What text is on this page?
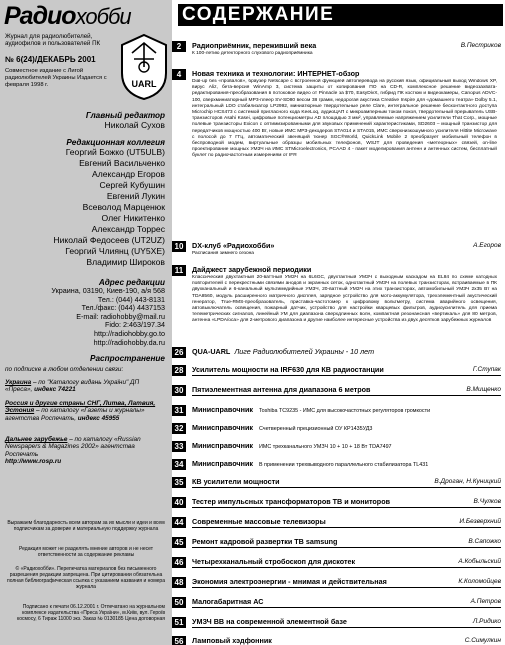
Радиохобби
Журнал для радиолюбителей, аудиофилов и пользователей ПК
№ 6(24)/ДЕКАБРЬ 2001
Совместное издание с Лигой радиолюбителей Украины Издается с февраля 1998 г.	UARL
Главный редактор
Николай Сухов
Редакционная коллегия
Георгий Божко (UT5ULB)
Евгений Васильченко
Александр Егоров
Сергей Кубушин
Евгений Лукин
Всеволод Марценюк
Олег Никитенко
Александр Торрес
Николай Федосеев (UT2UZ)
Георгий Члиянц (UY5XE)
Владимир Широков
Адрес редакции
Украина, 03190, Киев-190, а/я 568
Тел.: (044) 443-8131
Тел./факс: (044) 4437153
E-mail: radiohobby@mail.ru
Fido: 2:463/197.34
http://radiohobby.go.to
http://radiohobby.da.ru
Распространение
по подписке в любом отделении связи:
Украина – по "Каталогу видань України" ДП «Преса», индекс 74221
Россия и другие страны СНГ, Литва, Латвия, Эстония – по каталогу «Газеты и журналы» агентства Роспечать, индекс 45955
Дальнее зарубежье – по каталогу «Russian Newspapers & Magazines 2002» агентства Роспечать
http://www.rosp.ru
Выражаем благодарность всем авторам за их мысли и идеи и всем подписчикам за доверие и материальную поддержку журнала
Редакция может не разделять мнение авторов и не несет ответственности за содержание рекламы
© «Радиохобби». Перепечатка материалов без письменного разрешения редакции запрещена. При цитировании обязательна полная библиографическая ссылка с указанием названия и номера журнала
Подписано к печати 06.12.2001 г. Отпечатано на журнальном комплексе издательства «Преса України», м.Київ, вул. Героїв космосу, 6 Тираж 11000 экз. Заказ № 0130185 Цена договорная
СОДЕРЖАНИЕ
2	Радиоприёмник, переживший века	В.Пестриков
К 100-летию детекторного слухового радиоприёмника
4	Новая техника и технологии: ИНТЕРНЕТ-обзор
Dial-up без «провалов», браузер Netscape с встроенной функцией автоперевода на русский язык, официальный выход Windows XP, вирус Aliz, бета-версия WinAmp 3, система защиты от копирования ПО на CD-R, комплексное решение видеозахвата-редактирования-преобразования в потоковое видео от Pinnacle за $70, EasyDivX, гибрид ПК костюм и видеокамеры, Canopus ADVC-100, сверхминиатюрный MP3-плеер SV-SD80 весом 38 грамм, недорогая акустика Creative Inspire для «домашнего театра» Dolby 5.1, интегральный LDO стабилизатор LP2992, миниатюрные твердотельные реле Clare, интегральное решение бесконтактного доступа Microchip HCS473 с системой пригласного кода KeeLoq, аудиоЦАП с микроамперным током покоя, твердотельный прерыватель USB-транзисторов Asahi Kasei, цифровые потенциометры AD площадью 3 мм², управляемые напряжением усилители That Corp., мощные полевые транзисторы Exicon с оптимизированными для звуковых применений характеристиками, SD2603 – мощный транзистор для передатчиков мощностью 400 Вт, новые ИМС МРЗ-декодеров STA014 и STA015, ИМС сверхнизкошумного усилителя Hittite Microwave с полосой до 7 ГГц, автоматический звенящий тюнер SGC®World, QuickLink Mobile 2 преобразует мобильный телефон в беспроводной модем, виртуальные образцы мобильных телефонов, WSJT для проведения «метеорных» связей, on-line проектирование мощных УМЗЧ на ИМС STMicroelectronics, PCAAD 4 - пакет моделирования антенн и антенных систем, бесплатный буклет по радиочастотным измерениям от IFR
10	DX-клуб «Радиохобби»	А.Егоров
Расписания зимнего сезона
11	Дайджест зарубежной периодики
Классический двухтактный 20-ваттный УМЗЧ на 6L6GC, двухтактный УМЗЧ с выходным каскадом на EL84 по схеме катодных повторителей с перекрестными связями анодов и экранных сеток, однотактный УМЗЧ на полевых транзисторах, встраиваемые в ПК двухканальный и 6-канальный мультимедийные УМЗЧ, 20-ваттный УМЗЧ на этих транзисторах, автомобильный УМЗЧ 2x35 Вт на TDA8560, модуль расширенного матричного дисплея, зарядное устройство для мото-аккумулятора, трехэлементный акустический генератор, True-RMS-преобразователь, приставка-частотомер к цифровому вольтметру, система аварийного освещения, автовыключатель освещения, пожарный датчик, устройство для настройки кварцевых фильтров, аудиоусилитель для приема телеметрических сигналов, линейный УМ для диапазона сверхдлинных волн, компактная резонансная «вертикаль» для 80 метров, антенна «LPDA/оса» для 2-метрового диапазона и другие наиболее интересные устройства из двух десятков зарубежных журналов
26	QUA-UARL Лиге Радиолюбителей Украины - 10 лет
28	Усилитель мощности на IRF630 для КВ радиостанции	Г.Ступак
30	Пятиэлементная антенна для диапазона 6 метров	В.Мищенко
31	Минисправочник Toshiba TC9235 - ИМС для высокочастотных регуляторов громкости
32	Минисправочник Счетверенный прецизионный ОУ КР1435УД3
33	Минисправочник ИМС трехканального УМЗЧ 10 + 10 + 18 Вт TDA7497
34	Минисправочник В применении трехвыводного параллельного стабилизатора TL431
35	КВ усилители мощности	В.Дроган, Н.Куницкий
40	Тестер импульсных трансформаторов ТВ и мониторов	В.Чулков
44	Современные массовые телевизоры	И.Безверхний
45	Ремонт кадровой развертки ТВ samsung	В.Сапожко
46	Четырехканальный стробоскоп для дискотек	А.Кобыльский
48	Экономия электроэнергии - мнимая и действительная	К.Коломойцев
50	Малогабаритная АС	А.Петров
51	УМЗЧ ВВ на современной элементной базе	Л.Ридико
56	Ламповый хэдфонник	С.Симулкин
